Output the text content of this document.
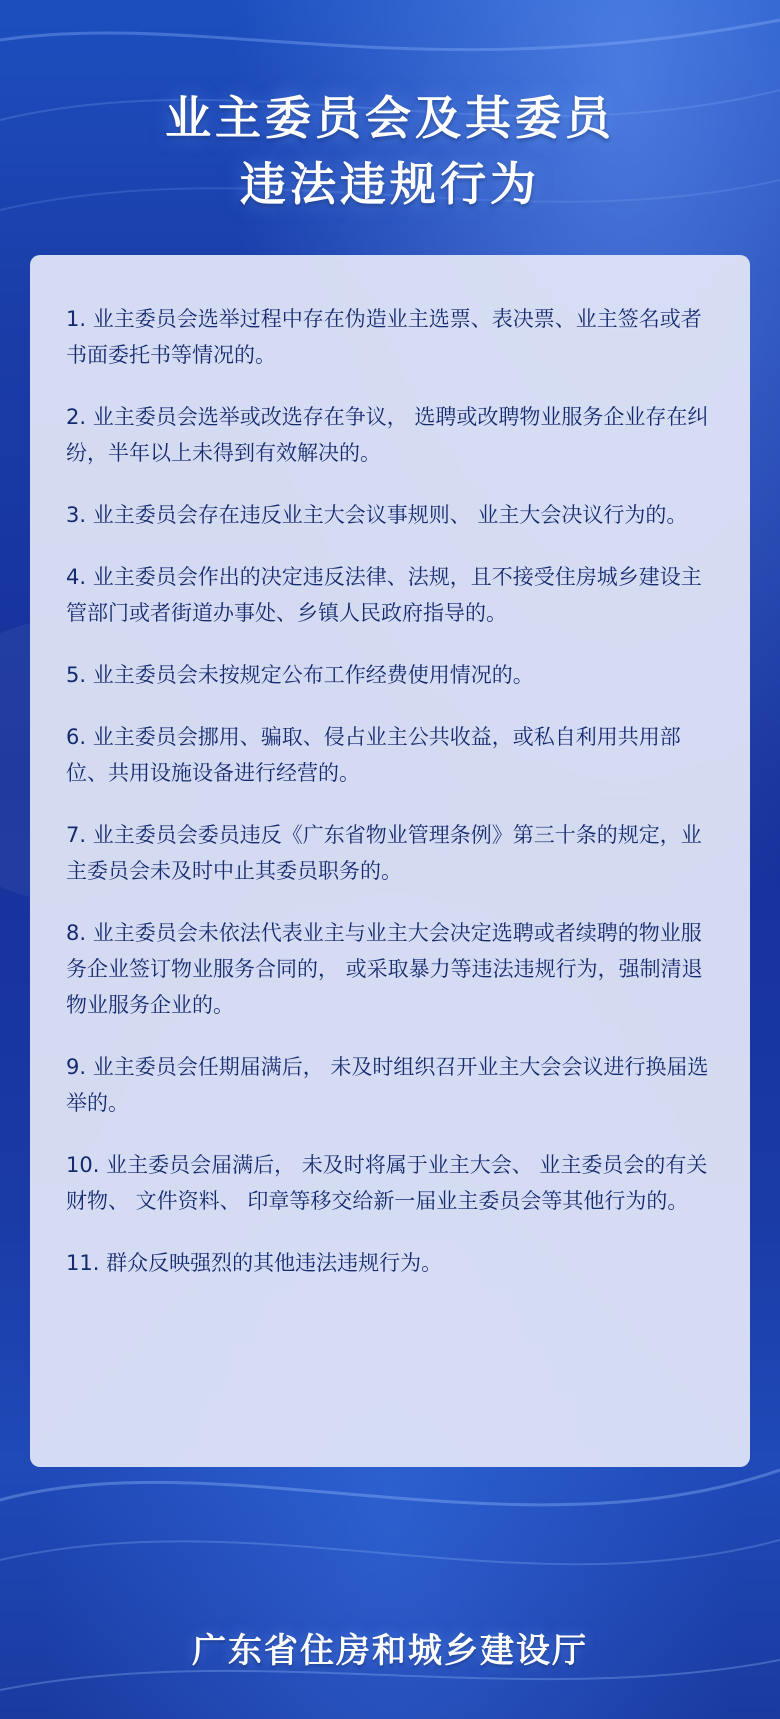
业主委员会及其委员
违法违规行为

1. 业主委员会选举过程中存在伪造业主选票、表决票、业主签名或者书面委托书等情况的。

2. 业主委员会选举或改选存在争议， 选聘或改聘物业服务企业存在纠纷，半年以上未得到有效解决的。

3. 业主委员会存在违反业主大会议事规则、 业主大会决议行为的。

4. 业主委员会作出的决定违反法律、法规，且不接受住房城乡建设主管部门或者街道办事处、乡镇人民政府指导的。

5. 业主委员会未按规定公布工作经费使用情况的。

6. 业主委员会挪用、骗取、侵占业主公共收益，或私自利用共用部位、共用设施设备进行经营的。

7. 业主委员会委员违反《广东省物业管理条例》第三十条的规定，业主委员会未及时中止其委员职务的。

8. 业主委员会未依法代表业主与业主大会决定选聘或者续聘的物业服务企业签订物业服务合同的， 或采取暴力等违法违规行为，强制清退物业服务企业的。

9. 业主委员会任期届满后， 未及时组织召开业主大会会议进行换届选举的。

10. 业主委员会届满后， 未及时将属于业主大会、 业主委员会的有关财物、 文件资料、 印章等移交给新一届业主委员会等其他行为的。

11. 群众反映强烈的其他违法违规行为。

广东省住房和城乡建设厅
